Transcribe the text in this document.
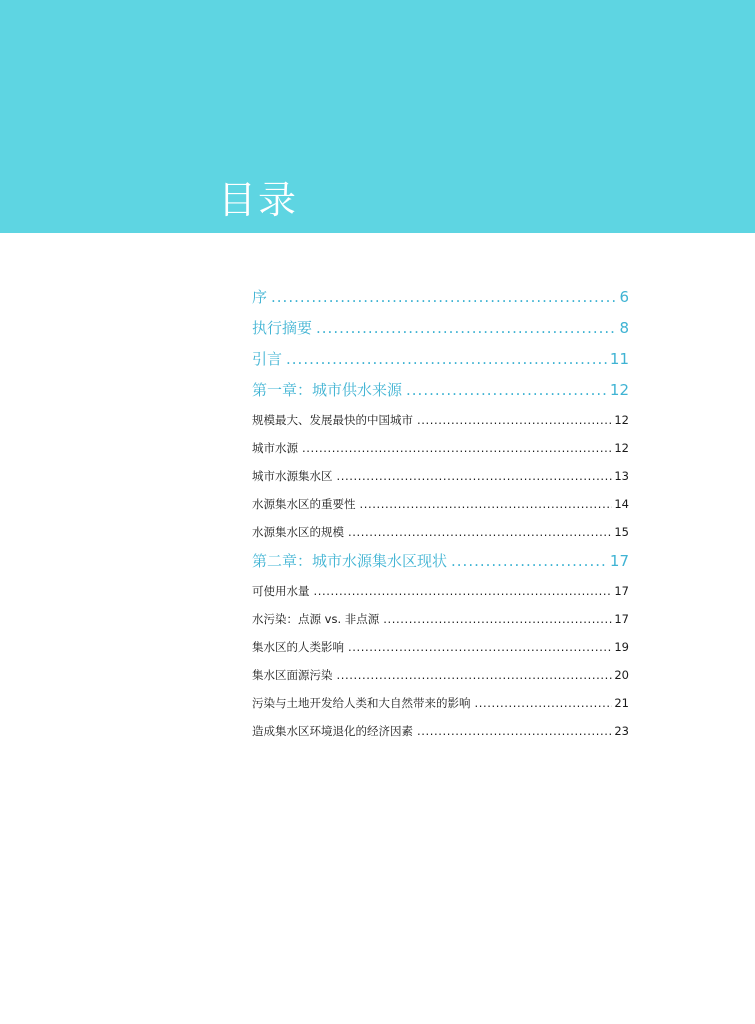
目录
序 .....	6
执行摘要 .....	8
引言 .....	11
第一章：城市供水来源 .....	12
规模最大、发展最快的中国城市 .....	12
城市水源 .....	12
城市水源集水区 .....	13
水源集水区的重要性 .....	14
水源集水区的规模 .....	15
第二章：城市水源集水区现状 .....	17
可使用水量 .....	17
水污染：点源 vs. 非点源 .....	17
集水区的人类影响 .....	19
集水区面源污染 .....	20
污染与土地开发给人类和大自然带来的影响 .....	21
造成集水区环境退化的经济因素 .....	23
